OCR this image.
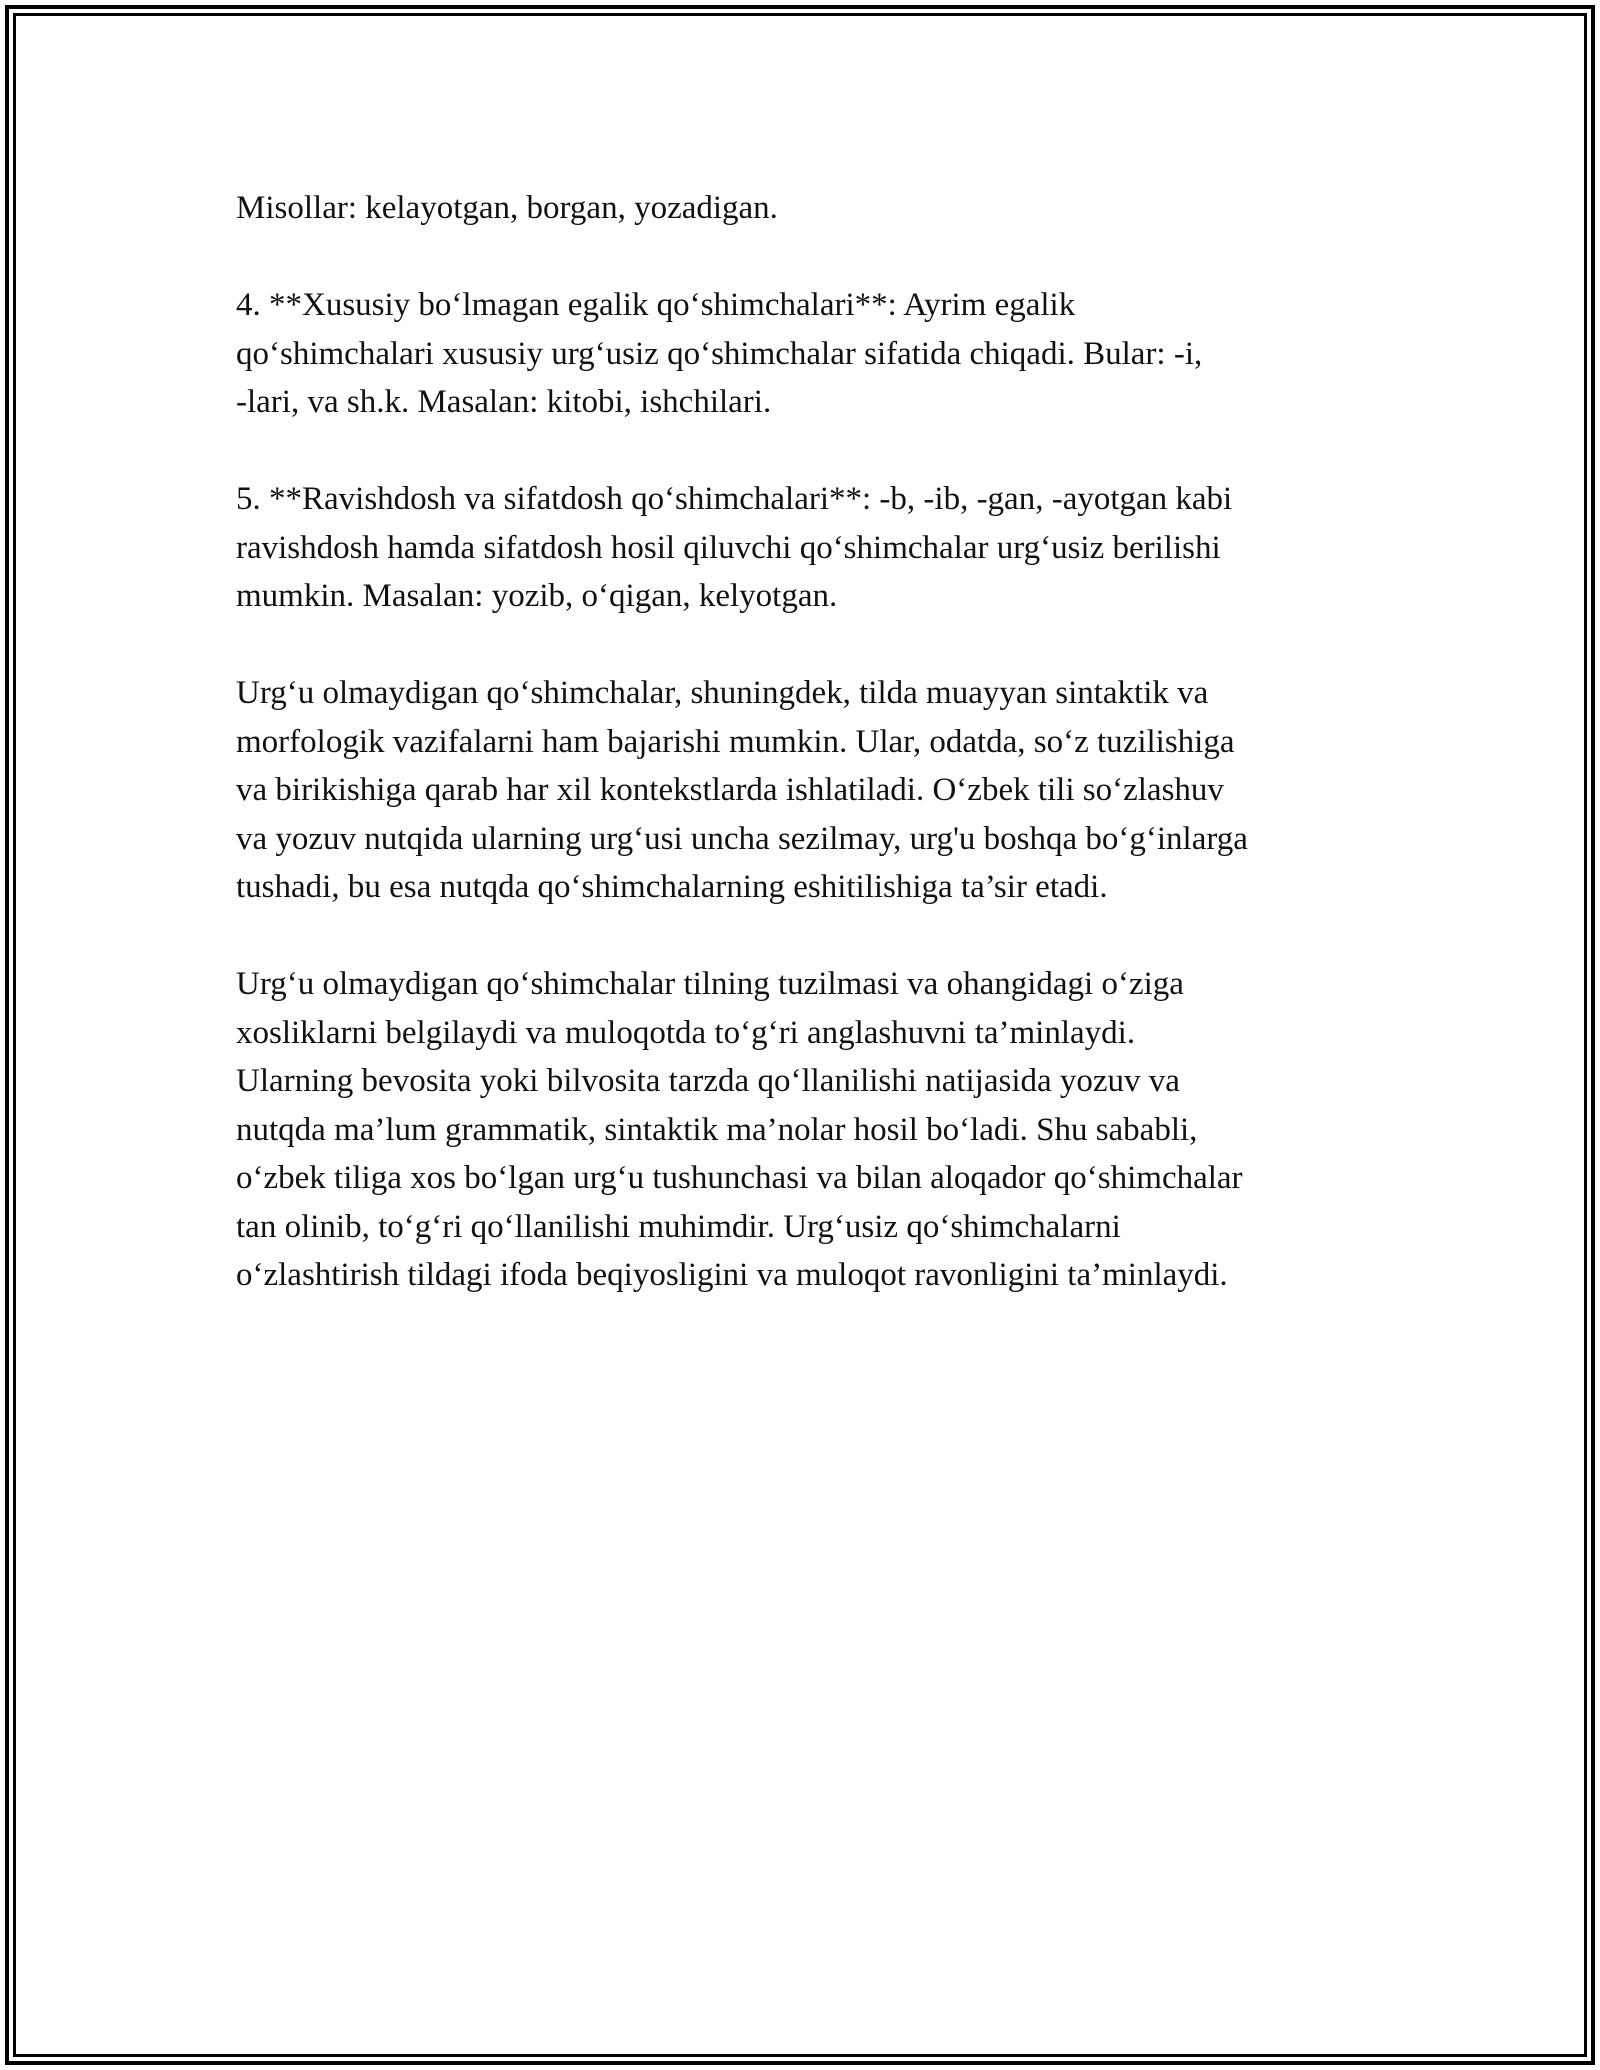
Misollar: kelayotgan, borgan, yozadigan.

4. **Xususiy bo‘lmagan egalik qo‘shimchalari**: Ayrim egalik
qo‘shimchalari xususiy urg‘usiz qo‘shimchalar sifatida chiqadi. Bular: -i,
-lari, va sh.k. Masalan: kitobi, ishchilari.

5. **Ravishdosh va sifatdosh qo‘shimchalari**: -b, -ib, -gan, -ayotgan kabi
ravishdosh hamda sifatdosh hosil qiluvchi qo‘shimchalar urg‘usiz berilishi
mumkin. Masalan: yozib, o‘qigan, kelyotgan.

Urg‘u olmaydigan qo‘shimchalar, shuningdek, tilda muayyan sintaktik va
morfologik vazifalarni ham bajarishi mumkin. Ular, odatda, so‘z tuzilishiga
va birikishiga qarab har xil kontekstlarda ishlatiladi. O‘zbek tili so‘zlashuv
va yozuv nutqida ularning urg‘usi uncha sezilmay, urg'u boshqa bo‘g‘inlarga
tushadi, bu esa nutqda qo‘shimchalarning eshitilishiga ta’sir etadi.

Urg‘u olmaydigan qo‘shimchalar tilning tuzilmasi va ohangidagi o‘ziga
xosliklarni belgilaydi va muloqotda to‘g‘ri anglashuvni ta’minlaydi.
Ularning bevosita yoki bilvosita tarzda qo‘llanilishi natijasida yozuv va
nutqda ma’lum grammatik, sintaktik ma’nolar hosil bo‘ladi. Shu sababli,
o‘zbek tiliga xos bo‘lgan urg‘u tushunchasi va bilan aloqador qo‘shimchalar
tan olinib, to‘g‘ri qo‘llanilishi muhimdir. Urg‘usiz qo‘shimchalarni
o‘zlashtirish tildagi ifoda beqiyosligini va muloqot ravonligini ta’minlaydi.
